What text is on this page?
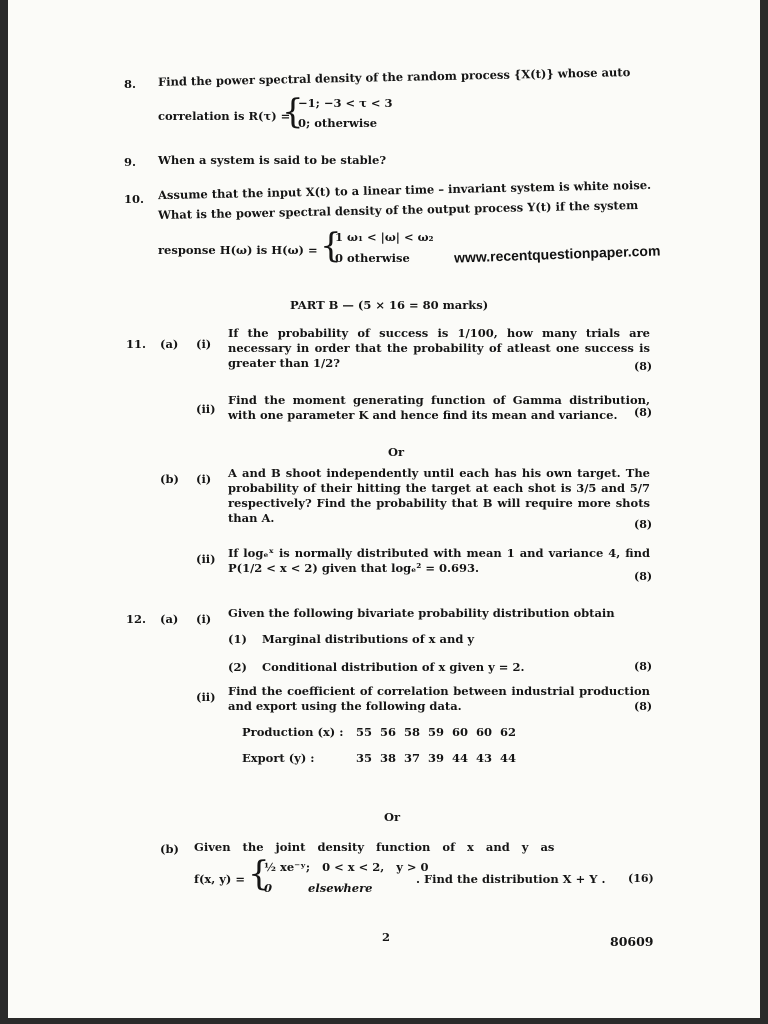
8. Find the power spectral density of the random process {X(t)} whose auto
correlation is R(τ) =
{
−1; −3 < τ < 3
0; otherwise
9. When a system is said to be stable?
10. Assume that the input X(t) to a linear time – invariant system is white noise.
What is the power spectral density of the output process Y(t) if the system
response H(ω) is H(ω) = {
1 ω₁ < |ω| < ω₂
0 otherwise	www.recentquestionpaper.com
PART B — (5 × 16 = 80 marks)
11. (a) (i)
If the probability of success is 1/100, how many trials are necessary in order that the probability of atleast one success is greater than 1/2?	(8)
(ii)
Find the moment generating function of Gamma distribution, with one parameter K and hence find its mean and variance.	(8)
Or
(b) (i) A and B shoot independently until each has his own target. The probability of their hitting the target at each shot is 3/5 and 5/7 respectively? Find the probability that B will require more shots than A.	(8)
(ii) If logₑˣ is normally distributed with mean 1 and variance 4, find P(1/2 < x < 2) given that logₑ² = 0.693.
(8)
12. (a) (i) Given the following bivariate probability distribution obtain
(1) Marginal distributions of x and y
(2) Conditional distribution of x given y = 2.	(8)
(ii) Find the coefficient of correlation between industrial production and export using the following data.	(8)
Production (x) : 55 56 58 59 60 60 62
Export (y) :	35 38 37 39 44 43 44
Or
(b) Given   the   joint   density   function   of   x   and   y   as
f(x, y) = {
½ xe⁻ʸ;   0 < x < 2,   y > 0
0         elsewhere
. Find the distribution X + Y . (16)
2	80609
